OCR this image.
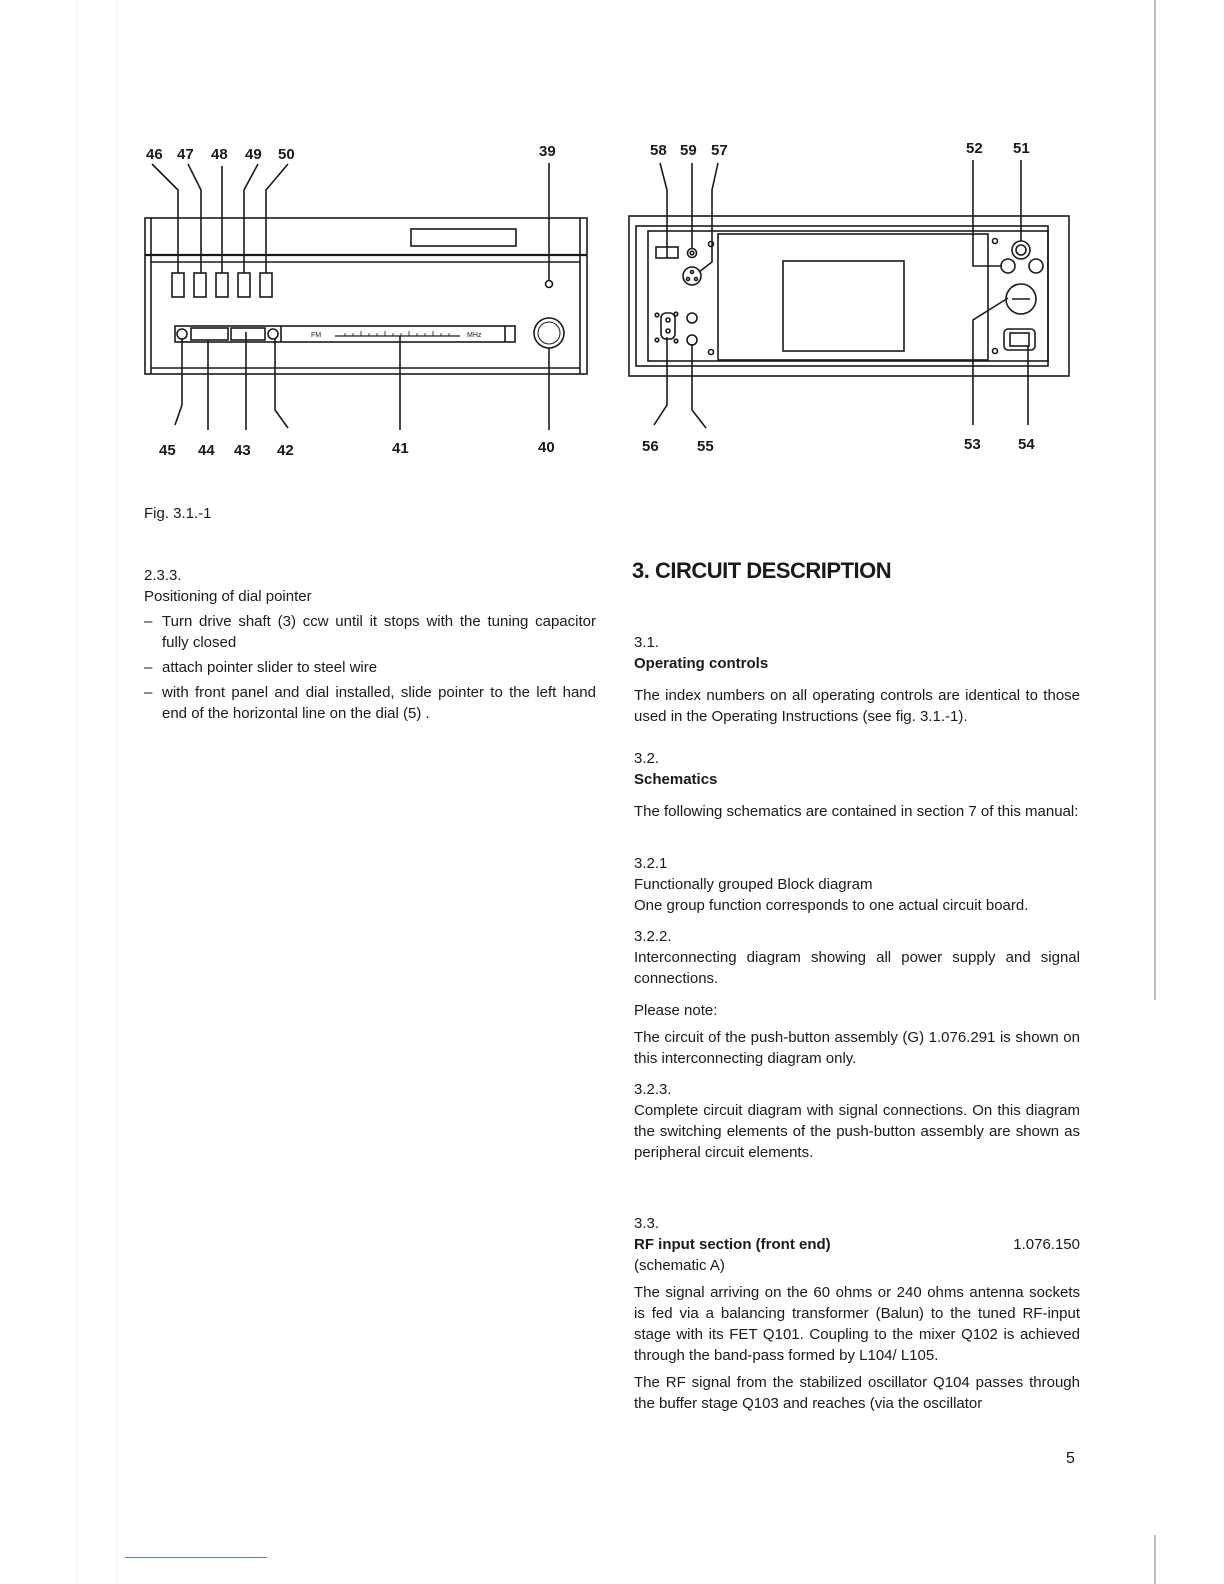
FM	MHz
46 47 48 49 50	39
45 44 43 42	41	40
58 59 57	52 51
56	55	53 54
Fig. 3.1.-1

2.3.3.

Positioning of dial pointer

– Turn drive shaft (3) ccw until it stops with the tuning capacitor fully closed

– attach pointer slider to steel wire

– with front panel and dial installed, slide pointer to the left hand end of the horizontal line on the dial (5) .

3. CIRCUIT DESCRIPTION

3.1.

Operating controls

The index numbers on all operating controls are identical to those used in the Operating Instructions (see fig. 3.1.-1).

3.2.

Schematics

The following schematics are contained in section 7 of this manual:

3.2.1

Functionally grouped Block diagram

One group function corresponds to one actual circuit board.

3.2.2.

Interconnecting diagram showing all power supply and signal connections.

Please note:

The circuit of the push-button assembly (G) 1.076.291 is shown on this interconnecting diagram only.

3.2.3.

Complete circuit diagram with signal connections. On this diagram the switching elements of the push-button assembly are shown as peripheral circuit elements.

3.3.

RF input section (front end)	1.076.150

(schematic A)

The signal arriving on the 60 ohms or 240 ohms antenna sockets is fed via a balancing transformer (Balun) to the tuned RF-input stage with its FET Q101. Coupling to the mixer Q102 is achieved through the band-pass formed by L104/ L105.

The RF signal from the stabilized oscillator Q104 passes through the buffer stage Q103 and reaches (via the oscillator

5
